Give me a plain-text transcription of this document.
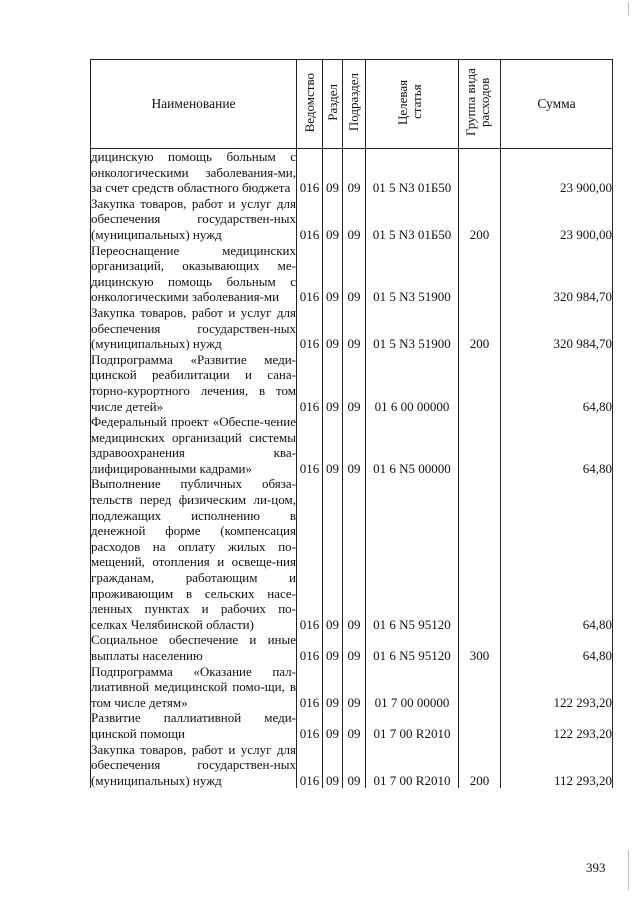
Наименование	Ведомство	Раздел	Подраздел	Целевая статья	Группа вида расходов	Сумма
дицинскую помощь больным с онкологическими заболевания-ми, за счет средств областного бюджета	016	09	09	01 5 N3 01Б50		23 900,00
Закупка товаров, работ и услуг для обеспечения государствен-ных (муниципальных) нужд	016	09	09	01 5 N3 01Б50	200	23 900,00
Переоснащение медицинских организаций, оказывающих ме-дицинскую помощь больным с онкологическими заболевания-ми	016	09	09	01 5 N3 51900		320 984,70
Закупка товаров, работ и услуг для обеспечения государствен-ных (муниципальных) нужд	016	09	09	01 5 N3 51900	200	320 984,70
Подпрограмма «Развитие меди-цинской реабилитации и сана-торно-курортного лечения, в том числе детей»	016	09	09	01 6 00 00000		64,80
Федеральный проект «Обеспе-чение медицинских организаций системы здравоохранения ква-лифицированными кадрами»	016	09	09	01 6 N5 00000		64,80
Выполнение публичных обяза-тельств перед физическим ли-цом, подлежащих исполнению в денежной форме (компенсация расходов на оплату жилых по-мещений, отопления и освеще-ния гражданам, работающим и проживающим в сельских насе-ленных пунктах и рабочих по-селках Челябинской области)	016	09	09	01 6 N5 95120		64,80
Социальное обеспечение и иные выплаты населению	016	09	09	01 6 N5 95120	300	64,80
Подпрограмма «Оказание пал-лиативной медицинской помо-щи, в том числе детям»	016	09	09	01 7 00 00000		122 293,20
Развитие паллиативной меди-цинской помощи	016	09	09	01 7 00 R2010		122 293,20
Закупка товаров, работ и услуг для обеспечения государствен-ных (муниципальных) нужд	016	09	09	01 7 00 R2010	200	112 293,20
393
